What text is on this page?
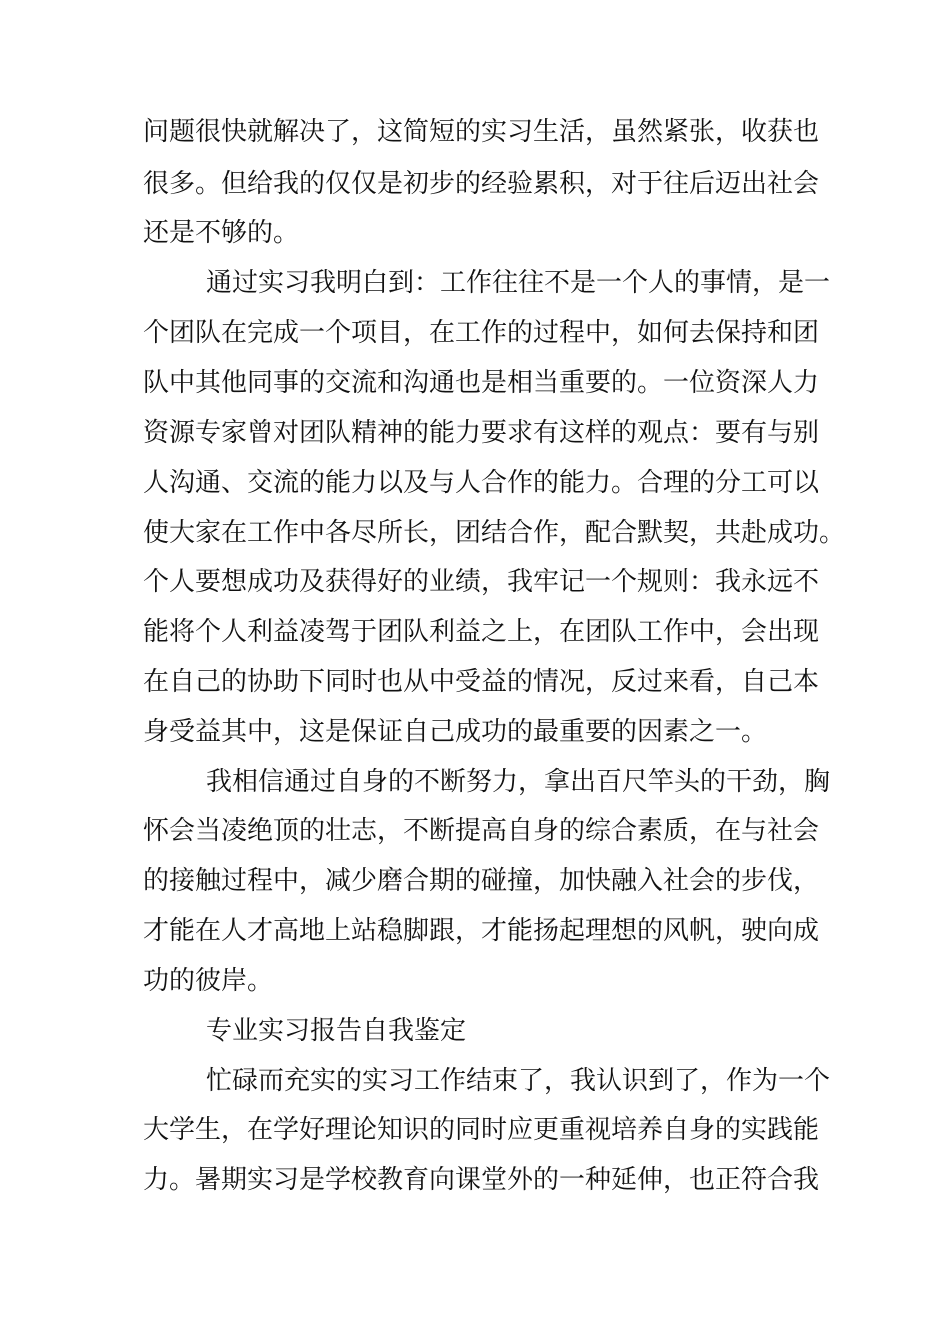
问题很快就解决了，这简短的实习生活，虽然紧张，收获也

很多。但给我的仅仅是初步的经验累积，对于往后迈出社会

还是不够的。

通过实习我明白到：工作往往不是一个人的事情，是一

个团队在完成一个项目，在工作的过程中，如何去保持和团

队中其他同事的交流和沟通也是相当重要的。一位资深人力

资源专家曾对团队精神的能力要求有这样的观点：要有与别

人沟通、交流的能力以及与人合作的能力。合理的分工可以

使大家在工作中各尽所长，团结合作，配合默契，共赴成功。

个人要想成功及获得好的业绩，我牢记一个规则：我永远不

能将个人利益凌驾于团队利益之上，在团队工作中，会出现

在自己的协助下同时也从中受益的情况，反过来看，自己本

身受益其中，这是保证自己成功的最重要的因素之一。

我相信通过自身的不断努力，拿出百尺竿头的干劲，胸

怀会当凌绝顶的壮志，不断提高自身的综合素质，在与社会

的接触过程中，减少磨合期的碰撞，加快融入社会的步伐，

才能在人才高地上站稳脚跟，才能扬起理想的风帆，驶向成

功的彼岸。

专业实习报告自我鉴定

忙碌而充实的实习工作结束了，我认识到了，作为一个

大学生，在学好理论知识的同时应更重视培养自身的实践能

力。暑期实习是学校教育向课堂外的一种延伸，也正符合我
